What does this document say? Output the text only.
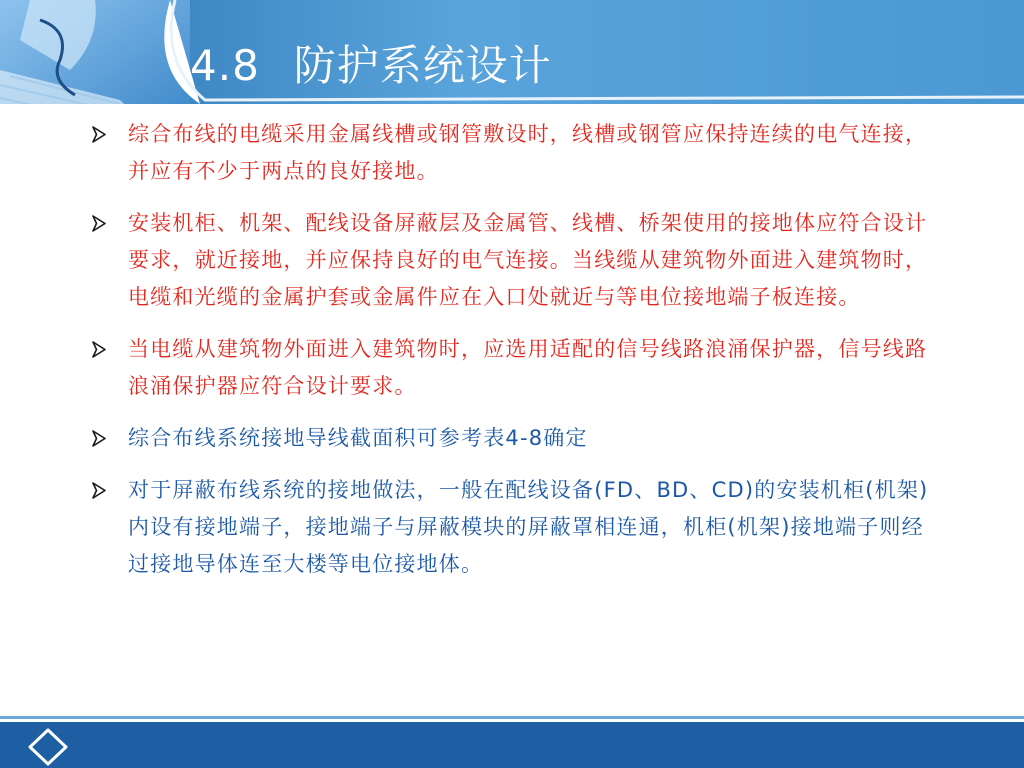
4.8 防护系统设计
综合布线的电缆采用金属线槽或钢管敷设时，线槽或钢管应保持连续的电气连接，并应有不少于两点的良好接地。
安装机柜、机架、配线设备屏蔽层及金属管、线槽、桥架使用的接地体应符合设计要求，就近接地，并应保持良好的电气连接。当线缆从建筑物外面进入建筑物时，电缆和光缆的金属护套或金属件应在入口处就近与等电位接地端子板连接。
当电缆从建筑物外面进入建筑物时，应选用适配的信号线路浪涌保护器，信号线路浪涌保护器应符合设计要求。
综合布线系统接地导线截面积可参考表4-8确定
对于屏蔽布线系统的接地做法，一般在配线设备(FD、BD、CD)的安装机柜(机架)内设有接地端子，接地端子与屏蔽模块的屏蔽罩相连通，机柜(机架)接地端子则经过接地导体连至大楼等电位接地体。
